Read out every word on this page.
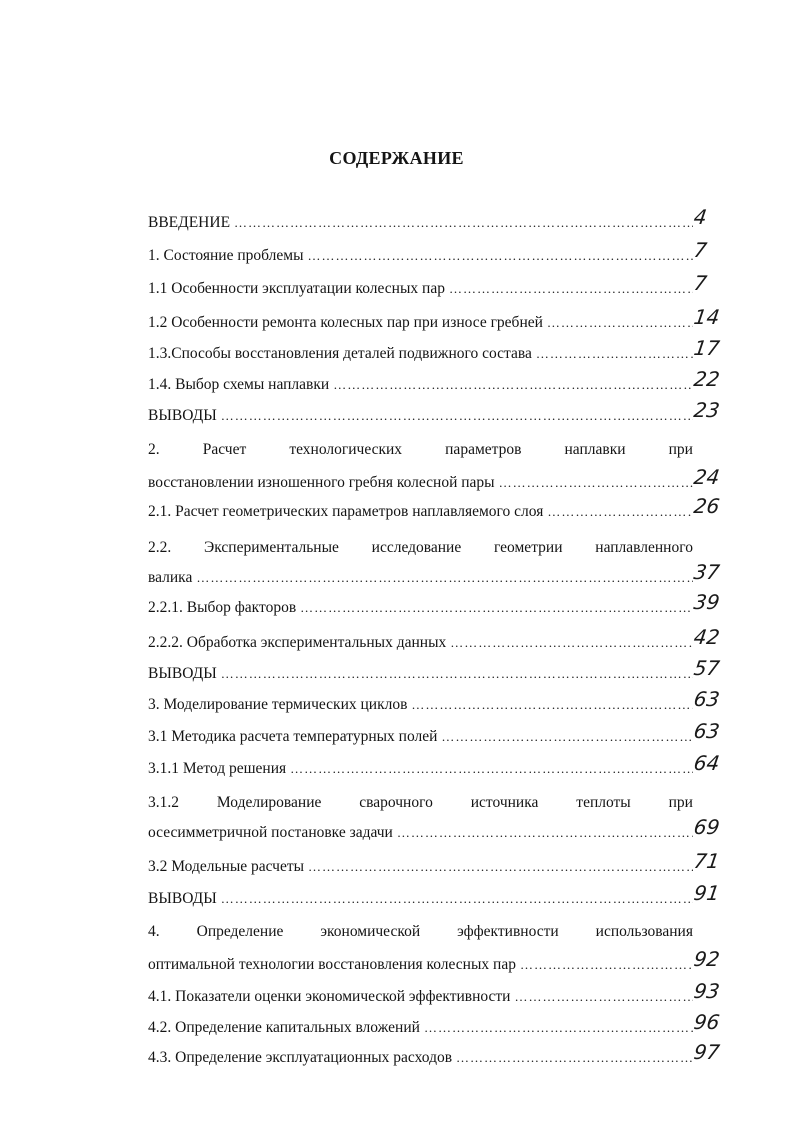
СОДЕРЖАНИЕ
ВВЕДЕНИЕ …………………………………………………………………………………………………………………………………………………………………………	4
1. Состояние проблемы …………………………………………………………………………………………………………………………………………………………………………	7
1.1 Особенности эксплуатации колесных пар …………………………………………………………………………………………………………………………………………………………………………	7
1.2 Особенности ремонта колесных пар при износе гребней …………………………………………………………………………………………………………………………………………………………………………	14
1.3.Способы восстановления деталей подвижного состава …………………………………………………………………………………………………………………………………………………………………………	17
1.4. Выбор схемы наплавки …………………………………………………………………………………………………………………………………………………………………………	22
ВЫВОДЫ …………………………………………………………………………………………………………………………………………………………………………	23
2.	Расчет	технологических	параметров	наплавки	при
восстановлении изношенного гребня колесной пары …………………………………………………………………………………………………………………………………………………………………………	24
2.1. Расчет геометрических параметров наплавляемого слоя …………………………………………………………………………………………………………………………………………………………………………	26
2.2. Экспериментальные исследование геометрии наплавленного
валика …………………………………………………………………………………………………………………………………………………………………………	37
2.2.1. Выбор факторов …………………………………………………………………………………………………………………………………………………………………………	39
2.2.2. Обработка экспериментальных данных …………………………………………………………………………………………………………………………………………………………………………	42
ВЫВОДЫ …………………………………………………………………………………………………………………………………………………………………………	57
3. Моделирование термических циклов …………………………………………………………………………………………………………………………………………………………………………	63
3.1 Методика расчета температурных полей …………………………………………………………………………………………………………………………………………………………………………	63
3.1.1 Метод решения …………………………………………………………………………………………………………………………………………………………………………	64
3.1.2 Моделирование сварочного источника теплоты при
осесимметричной постановке задачи …………………………………………………………………………………………………………………………………………………………………………	69
3.2 Модельные расчеты …………………………………………………………………………………………………………………………………………………………………………	71
ВЫВОДЫ …………………………………………………………………………………………………………………………………………………………………………	91
4. Определение экономической эффективности использования
оптимальной технологии восстановления колесных пар …………………………………………………………………………………………………………………………………………………………………………	92
4.1. Показатели оценки экономической эффективности …………………………………………………………………………………………………………………………………………………………………………	93
4.2. Определение капитальных вложений …………………………………………………………………………………………………………………………………………………………………………	96
4.3. Определение эксплуатационных расходов …………………………………………………………………………………………………………………………………………………………………………	97
